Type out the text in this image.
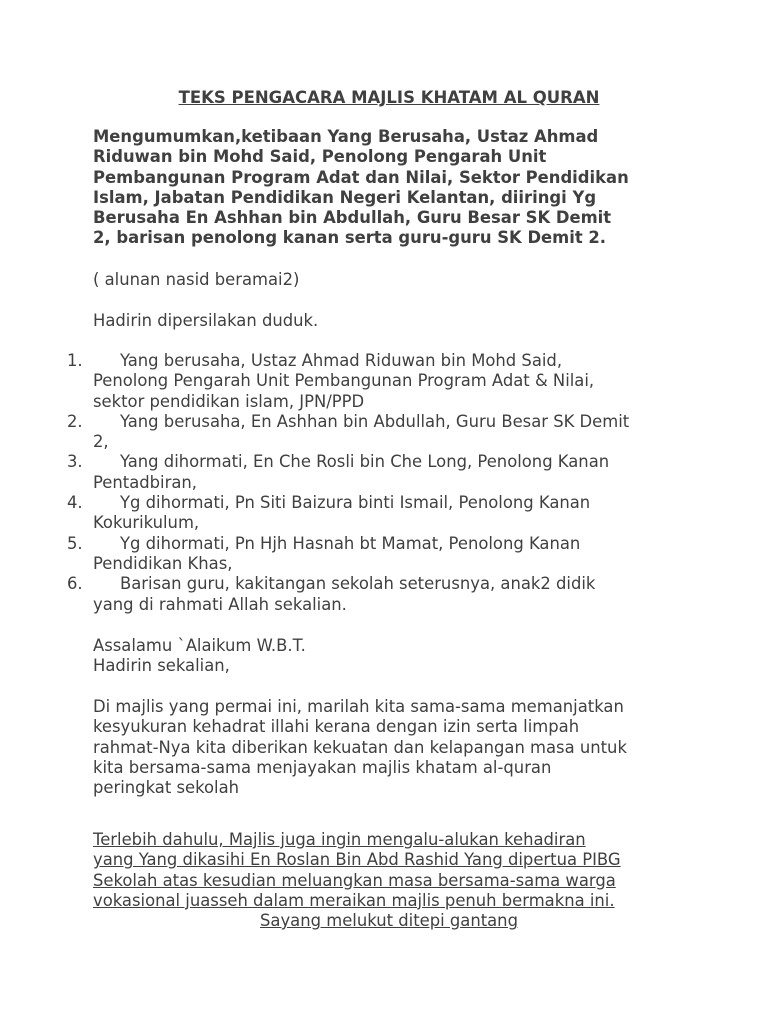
TEKS PENGACARA MAJLIS KHATAM AL QURAN
Mengumumkan,ketibaan Yang Berusaha, Ustaz Ahmad
Riduwan bin Mohd Said, Penolong Pengarah Unit
Pembangunan Program Adat dan Nilai, Sektor Pendidikan
Islam, Jabatan Pendidikan Negeri Kelantan, diiringi Yg
Berusaha En Ashhan bin Abdullah, Guru Besar SK Demit
2, barisan penolong kanan serta guru-guru SK Demit 2.
( alunan nasid beramai2)
Hadirin dipersilakan duduk.
1.	Yang berusaha, Ustaz Ahmad Riduwan bin Mohd Said,
Penolong Pengarah Unit Pembangunan Program Adat & Nilai,
sektor pendidikan islam, JPN/PPD
2.	Yang berusaha, En Ashhan bin Abdullah, Guru Besar SK Demit
2,
3.	Yang dihormati, En Che Rosli bin Che Long, Penolong Kanan
Pentadbiran,
4.	Yg dihormati, Pn Siti Baizura binti Ismail, Penolong Kanan
Kokurikulum,
5.	Yg dihormati, Pn Hjh Hasnah bt Mamat, Penolong Kanan
Pendidikan Khas,
6.	Barisan guru, kakitangan sekolah seterusnya, anak2 didik
yang di rahmati Allah sekalian.
Assalamu `Alaikum W.B.T.
Hadirin sekalian,
Di majlis yang permai ini, marilah kita sama-sama memanjatkan
kesyukuran kehadrat illahi kerana dengan izin serta limpah
rahmat-Nya kita diberikan kekuatan dan kelapangan masa untuk
kita bersama-sama menjayakan majlis khatam al-quran
peringkat sekolah
Terlebih dahulu, Majlis juga ingin mengalu-alukan kehadiran
yang Yang dikasihi En Roslan Bin Abd Rashid Yang dipertua PIBG
Sekolah atas kesudian meluangkan masa bersama-sama warga
vokasional juasseh dalam meraikan majlis penuh bermakna ini.
Sayang melukut ditepi gantang
